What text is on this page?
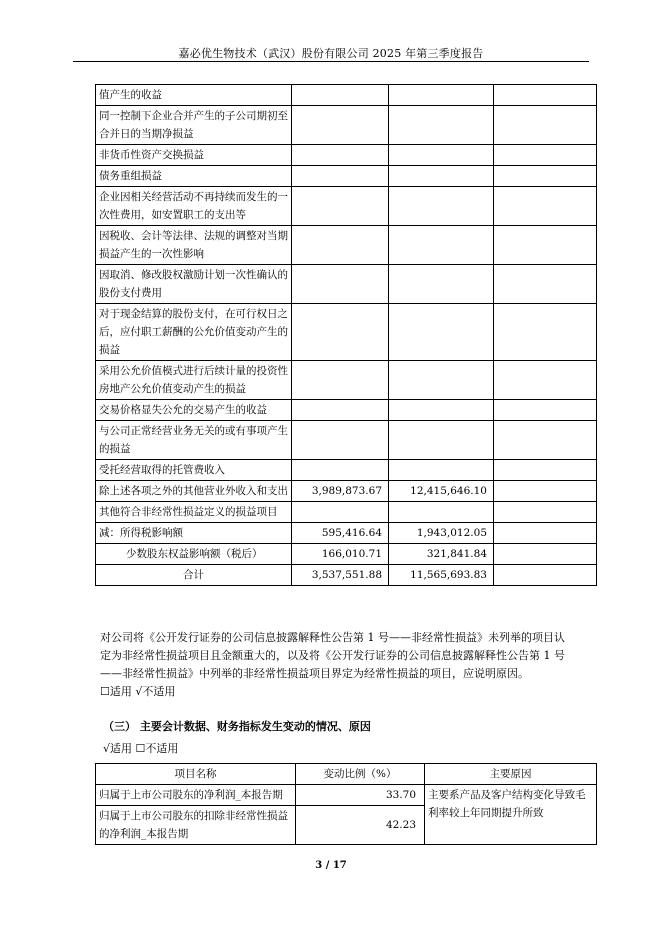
嘉必优生物技术（武汉）股份有限公司 2025 年第三季度报告
值产生的收益			
同一控制下企业合并产生的子公司期初至合并日的当期净损益			
非货币性资产交换损益			
债务重组损益			
企业因相关经营活动不再持续而发生的一次性费用，如安置职工的支出等			
因税收、会计等法律、法规的调整对当期损益产生的一次性影响			
因取消、修改股权激励计划一次性确认的股份支付费用			
对于现金结算的股份支付，在可行权日之后，应付职工薪酬的公允价值变动产生的损益			
采用公允价值模式进行后续计量的投资性房地产公允价值变动产生的损益			
交易价格显失公允的交易产生的收益			
与公司正常经营业务无关的或有事项产生的损益			
受托经营取得的托管费收入			
除上述各项之外的其他营业外收入和支出	3,989,873.67	12,415,646.10	
其他符合非经常性损益定义的损益项目			
减：所得税影响额	595,416.64	1,943,012.05	
少数股东权益影响额（税后）	166,010.71	321,841.84	
合计	3,537,551.88	11,565,693.83	
对公司将《公开发行证券的公司信息披露解释性公告第 1 号——非经常性损益》未列举的项目认
定为非经常性损益项目且金额重大的，以及将《公开发行证券的公司信息披露解释性公告第 1 号
——非经常性损益》中列举的非经常性损益项目界定为经常性损益的项目，应说明原因。
☐适用 √不适用
（三） 主要会计数据、财务指标发生变动的情况、原因
√适用 ☐不适用
项目名称	变动比例（%）	主要原因
归属于上市公司股东的净利润_本报告期	33.70	主要系产品及客户结构变化导致毛利率较上年同期提升所致
归属于上市公司股东的扣除非经常性损益的净利润_本报告期	42.23	
3 / 17
